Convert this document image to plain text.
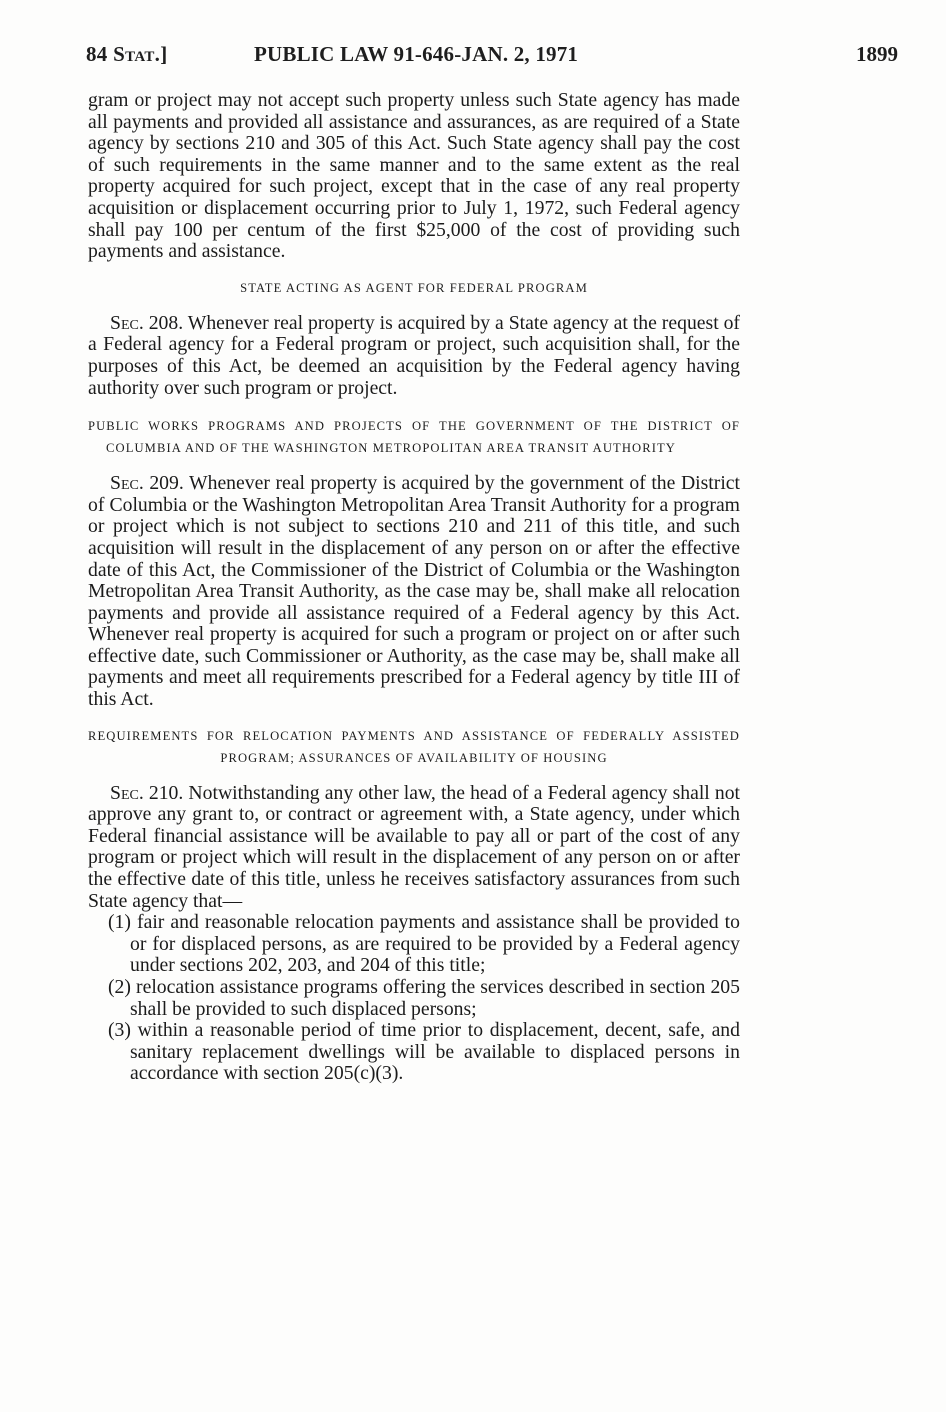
84 Stat.]	PUBLIC LAW 91-646-JAN. 2, 1971	1899

gram or project may not accept such property unless such State agency has made all payments and provided all assistance and assurances, as are required of a State agency by sections 210 and 305 of this Act. Such State agency shall pay the cost of such requirements in the same manner and to the same extent as the real property acquired for such project, except that in the case of any real property acquisition or displacement occurring prior to July 1, 1972, such Federal agency shall pay 100 per centum of the first $25,000 of the cost of providing such payments and assistance.

STATE ACTING AS AGENT FOR FEDERAL PROGRAM

Sec. 208. Whenever real property is acquired by a State agency at the request of a Federal agency for a Federal program or project, such acquisition shall, for the purposes of this Act, be deemed an acquisition by the Federal agency having authority over such program or project.

PUBLIC WORKS PROGRAMS AND PROJECTS OF THE GOVERNMENT OF THE DISTRICT OF COLUMBIA AND OF THE WASHINGTON METROPOLITAN AREA TRANSIT AUTHORITY

Sec. 209. Whenever real property is acquired by the government of the District of Columbia or the Washington Metropolitan Area Transit Authority for a program or project which is not subject to sections 210 and 211 of this title, and such acquisition will result in the displacement of any person on or after the effective date of this Act, the Commissioner of the District of Columbia or the Washington Metropolitan Area Transit Authority, as the case may be, shall make all relocation payments and provide all assistance required of a Federal agency by this Act. Whenever real property is acquired for such a program or project on or after such effective date, such Commissioner or Authority, as the case may be, shall make all payments and meet all requirements prescribed for a Federal agency by title III of this Act.

REQUIREMENTS FOR RELOCATION PAYMENTS AND ASSISTANCE OF FEDERALLY ASSISTED PROGRAM; ASSURANCES OF AVAILABILITY OF HOUSING

Sec. 210. Notwithstanding any other law, the head of a Federal agency shall not approve any grant to, or contract or agreement with, a State agency, under which Federal financial assistance will be available to pay all or part of the cost of any program or project which will result in the displacement of any person on or after the effective date of this title, unless he receives satisfactory assurances from such State agency that—

(1) fair and reasonable relocation payments and assistance shall be provided to or for displaced persons, as are required to be provided by a Federal agency under sections 202, 203, and 204 of this title;

(2) relocation assistance programs offering the services described in section 205 shall be provided to such displaced persons;

(3) within a reasonable period of time prior to displacement, decent, safe, and sanitary replacement dwellings will be available to displaced persons in accordance with section 205(c)(3).
